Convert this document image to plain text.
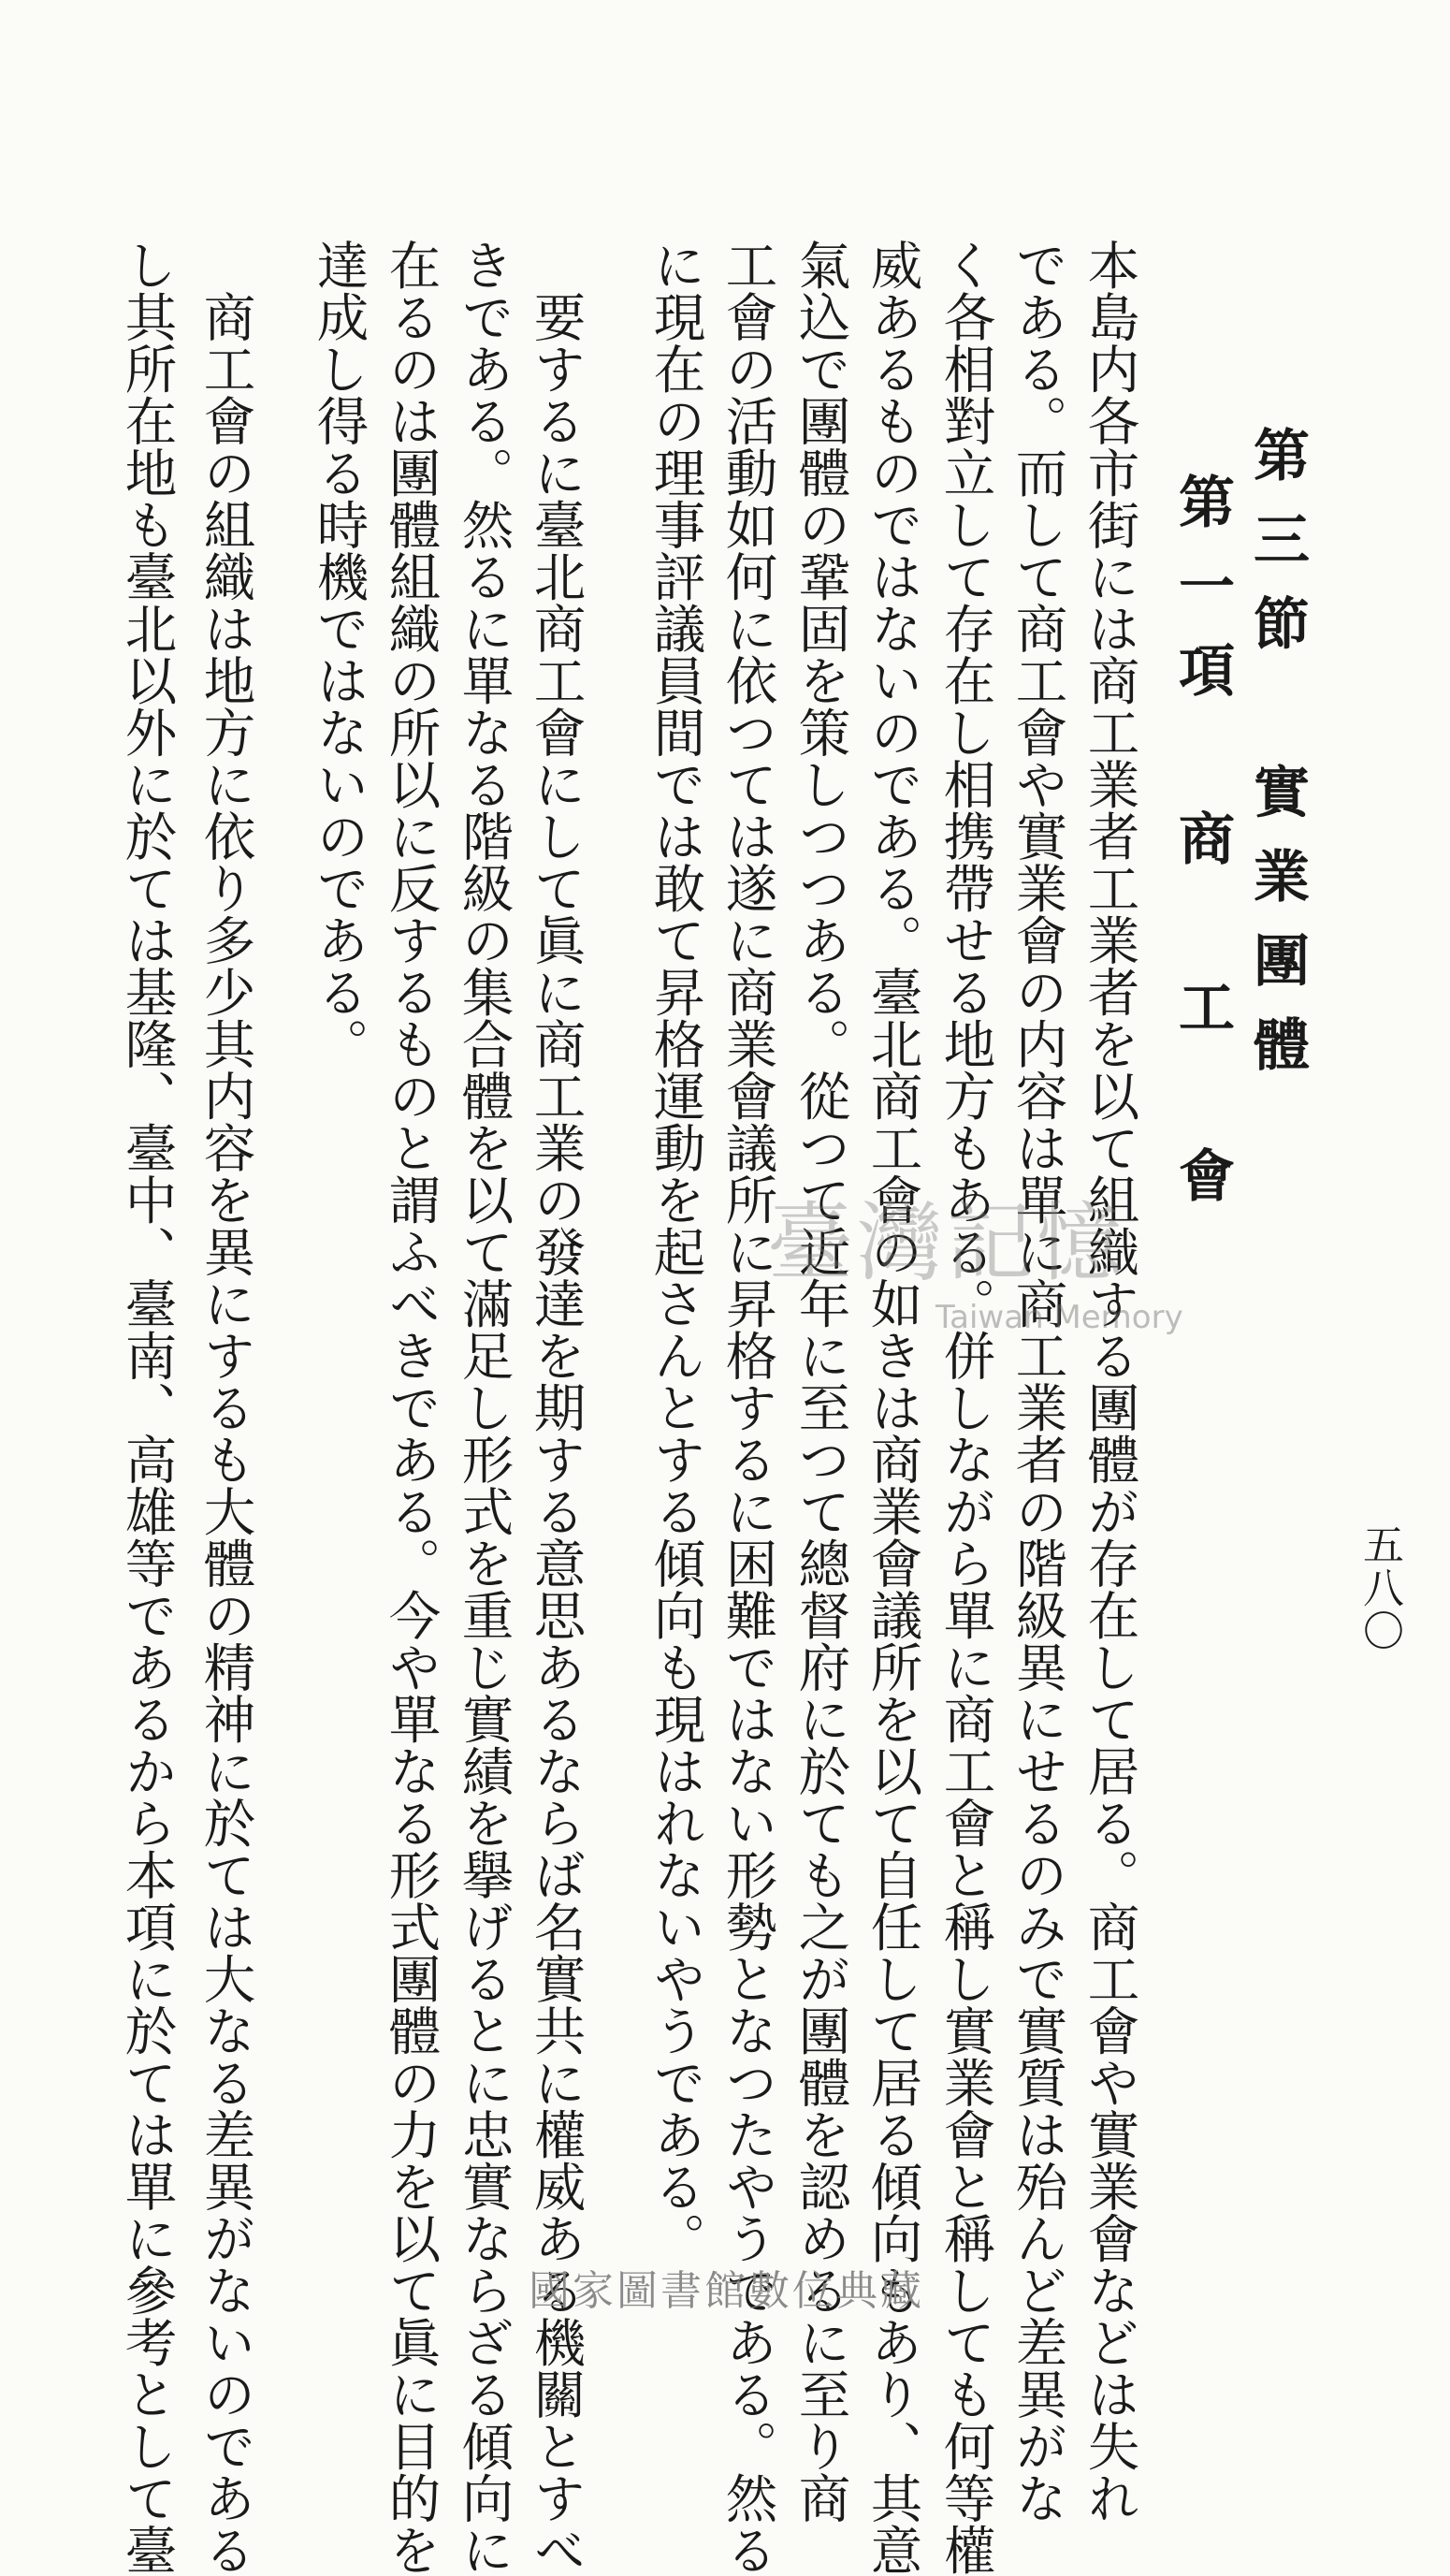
五八〇
第三節　實業團體
第一項　商　工　會
本島内各市街には商工業者工業者を以て組織する團體が存在して居る。商工會や實業會などは失れ
である。而して商工會や實業會の内容は單に商工業者の階級異にせるのみで實質は殆んど差異がな
く各相對立して存在し相携帶せる地方もある。併しながら單に商工會と稱し實業會と稱しても何等權
威あるものではないのである。臺北商工會の如きは商業會議所を以て自任して居る傾向もあり、其意
氣込で團體の鞏固を策しつつある。從つて近年に至つて總督府に於ても之が團體を認めるに至り商
工會の活動如何に依つては遂に商業會議所に昇格するに困難ではない形勢となつたやうである。然る
に現在の理事評議員間では敢て昇格運動を起さんとする傾向も現はれないやうである。
　要するに臺北商工會にして眞に商工業の發達を期する意思あるならば名實共に權威ある機關とすべ
きである。然るに單なる階級の集合體を以て滿足し形式を重じ實績を擧げるとに忠實ならざる傾向に
在るのは團體組織の所以に反するものと謂ふべきである。今や單なる形式團體の力を以て眞に目的を
達成し得る時機ではないのである。
　商工會の組織は地方に依り多少其内容を異にするも大體の精神に於ては大なる差異がないのである
し其所在地も臺北以外に於ては基隆、臺中、臺南、高雄等であるから本項に於ては單に參考として臺	臺灣記憶
Taiwan Memory
國家圖書館數位典藏
